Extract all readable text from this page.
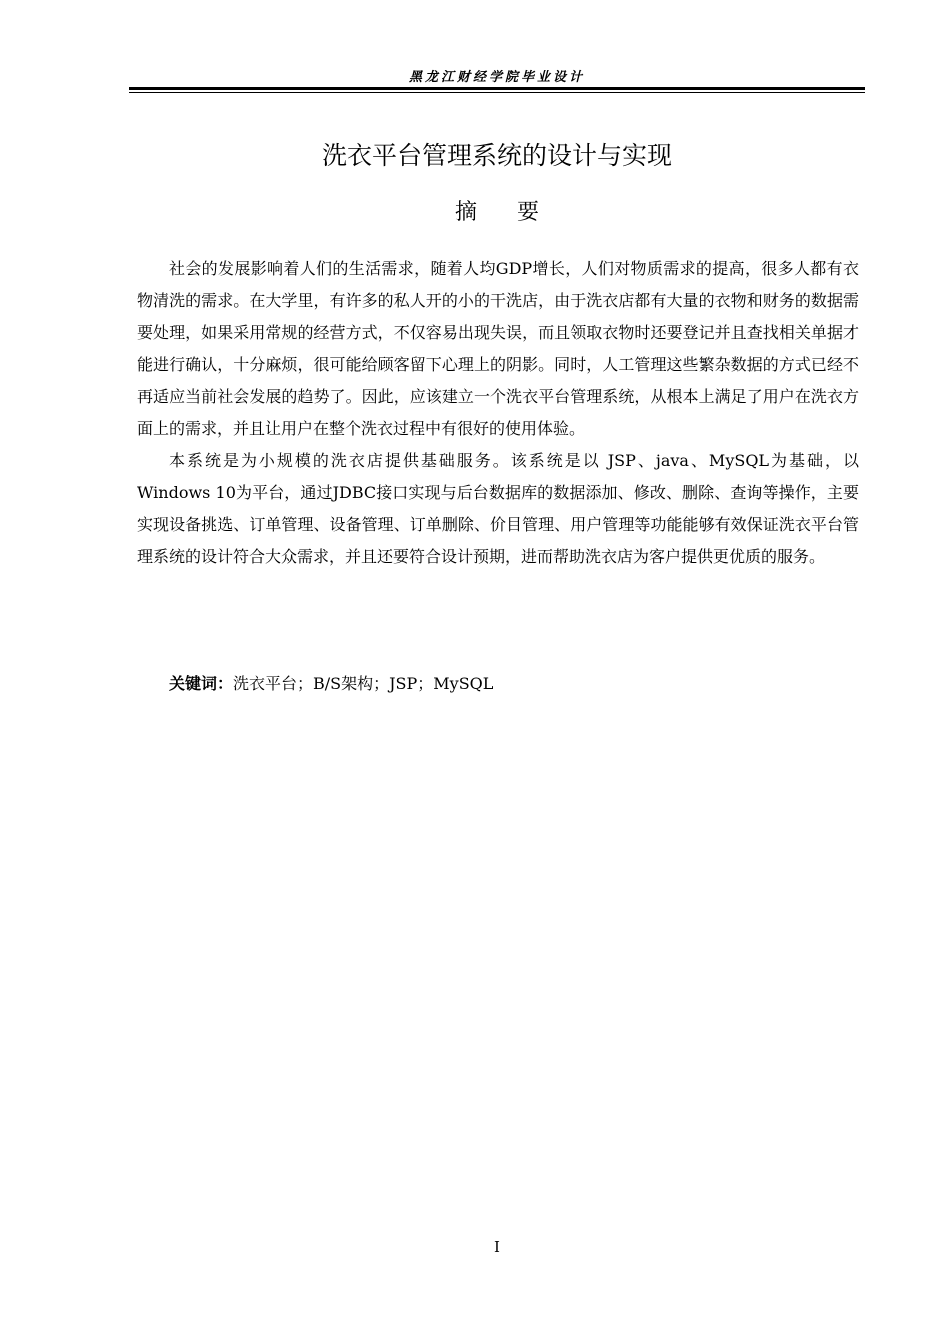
黑龙江财经学院毕业设计
洗衣平台管理系统的设计与实现
摘要

社会的发展影响着人们的生活需求，随着人均GDP增长，人们对物质需求的提高，很多人都有衣物清洗的需求。在大学里，有许多的私人开的小的干洗店，由于洗衣店都有大量的衣物和财务的数据需要处理，如果采用常规的经营方式，不仅容易出现失误，而且领取衣物时还要登记并且查找相关单据才能进行确认，十分麻烦，很可能给顾客留下心理上的阴影。同时，人工管理这些繁杂数据的方式已经不再适应当前社会发展的趋势了。因此，应该建立一个洗衣平台管理系统，从根本上满足了用户在洗衣方面上的需求，并且让用户在整个洗衣过程中有很好的使用体验。

本系统是为小规模的洗衣店提供基础服务。该系统是以 JSP、java、MySQL为基础，以Windows 10为平台，通过JDBC接口实现与后台数据库的数据添加、修改、删除、查询等操作，主要实现设备挑选、订单管理、设备管理、订单删除、价目管理、用户管理等功能能够有效保证洗衣平台管理系统的设计符合大众需求，并且还要符合设计预期，进而帮助洗衣店为客户提供更优质的服务。

关键词：洗衣平台；B/S架构；JSP；MySQL
I
